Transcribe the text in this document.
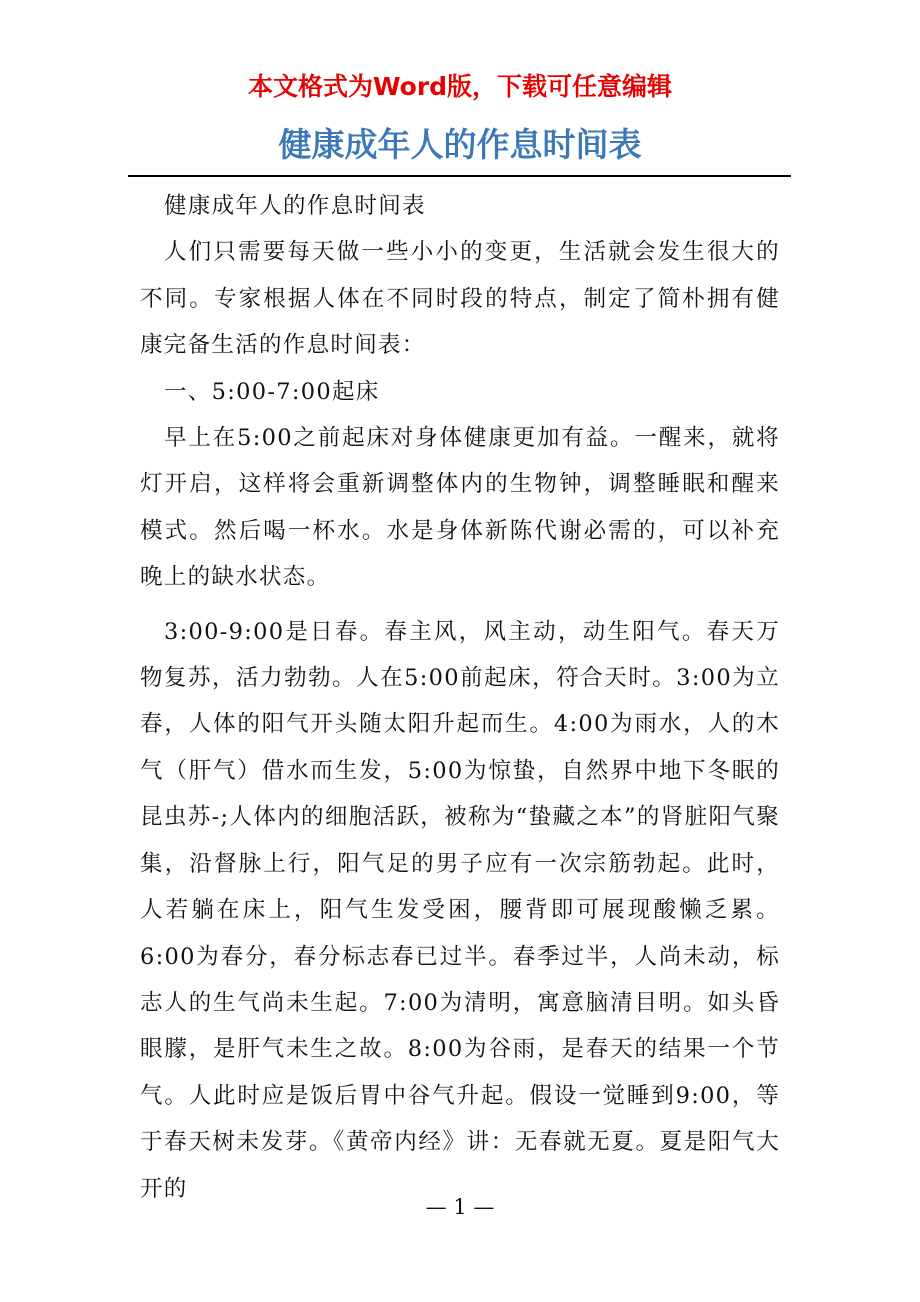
本文格式为Word版，下载可任意编辑
健康成年人的作息时间表

健康成年人的作息时间表

人们只需要每天做一些小小的变更，生活就会发生很大的不同。专家根据人体在不同时段的特点，制定了简朴拥有健康完备生活的作息时间表：

一、5:00-7:00起床

早上在5:00之前起床对身体健康更加有益。一醒来，就将灯开启，这样将会重新调整体内的生物钟，调整睡眠和醒来模式。然后喝一杯水。水是身体新陈代谢必需的，可以补充晚上的缺水状态。

3:00-9:00是日春。春主风，风主动，动生阳气。春天万物复苏，活力勃勃。人在5:00前起床，符合天时。3:00为立春，人体的阳气开头随太阳升起而生。4:00为雨水，人的木气（肝气）借水而生发，5:00为惊蛰，自然界中地下冬眠的昆虫苏-;人体内的细胞活跃，被称为“蛰藏之本”的肾脏阳气聚集，沿督脉上行，阳气足的男子应有一次宗筋勃起。此时，人若躺在床上，阳气生发受困，腰背即可展现酸懒乏累。6:00为春分，春分标志春已过半。春季过半，人尚未动，标志人的生气尚未生起。7:00为清明，寓意脑清目明。如头昏眼朦，是肝气未生之故。8:00为谷雨，是春天的结果一个节气。人此时应是饭后胃中谷气升起。假设一觉睡到9:00，等于春天树未发芽。《黄帝内经》讲：无春就无夏。夏是阳气大开的

— 1 —
